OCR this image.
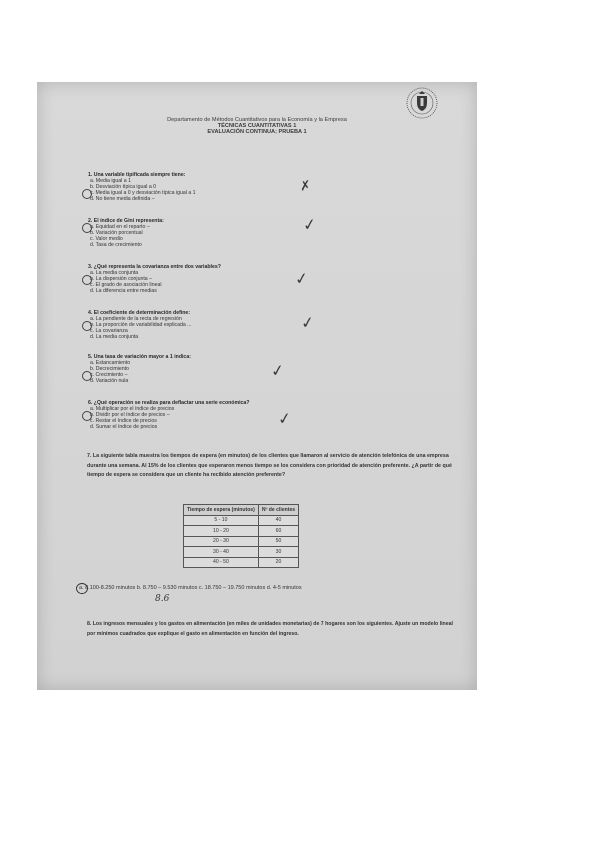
Departamento de Métodos Cuantitativos para la Economía y la Empresa
TÉCNICAS CUANTITATIVAS 1
EVALUACIÓN CONTINUA; PRUEBA 1
1. Una variable tipificada siempre tiene:
a. Media igual a 1
b. Desviación típica igual a 0
c. Media igual a 0 y desviación típica igual a 1
d. No tiene media definida –
✗
2. El índice de Gini representa:
a. Equidad en el reparto –
b. Variación porcentual
c. Valor medio
d. Tasa de crecimiento
✓
3. ¿Qué representa la covarianza entre dos variables?
a. La media conjunta
b. La dispersión conjunta –
c. El grado de asociación lineal
d. La diferencia entre medias
✓
4. El coeficiente de determinación define:
a. La pendiente de la recta de regresión
b. La proporción de variabilidad explicada ...
c. La covarianza
d. La media conjunta
✓
5. Una tasa de variación mayor a 1 indica:
a. Estancamiento
b. Decrecimiento
c. Crecimiento –
d. Variación nula
✓
6. ¿Qué operación se realiza para deflactar una serie económica?
a. Multiplicar por el índice de precios
b. Dividir por el índice de precios –
c. Restar el índice de precios
d. Sumar el índice de precios	✓
7. La siguiente tabla muestra los tiempos de espera (en minutos) de los clientes que llamaron al servicio de atención telefónica de una empresa durante una semana. Al 15% de los clientes que esperaron menos tiempo se los considera con prioridad de atención preferente. ¿A partir de qué tiempo de espera se considera que un cliente ha recibido atención preferente?
Tiempo de espera (minutos)	Nº de clientes
5 - 10	40
10 - 20	60
20 - 30	50
30 - 40	30
40 - 50	20
a. 8.100-8.250 minutos b. 8.750 – 9.530 minutos c. 18.750 – 19.750 minutos d. 4-5 minutos
8.6
8. Los ingresos mensuales y los gastos en alimentación (en miles de unidades monetarias) de 7 hogares son los siguientes. Ajuste un modelo lineal por mínimos cuadrados que explique el gasto en alimentación en función del ingreso.
